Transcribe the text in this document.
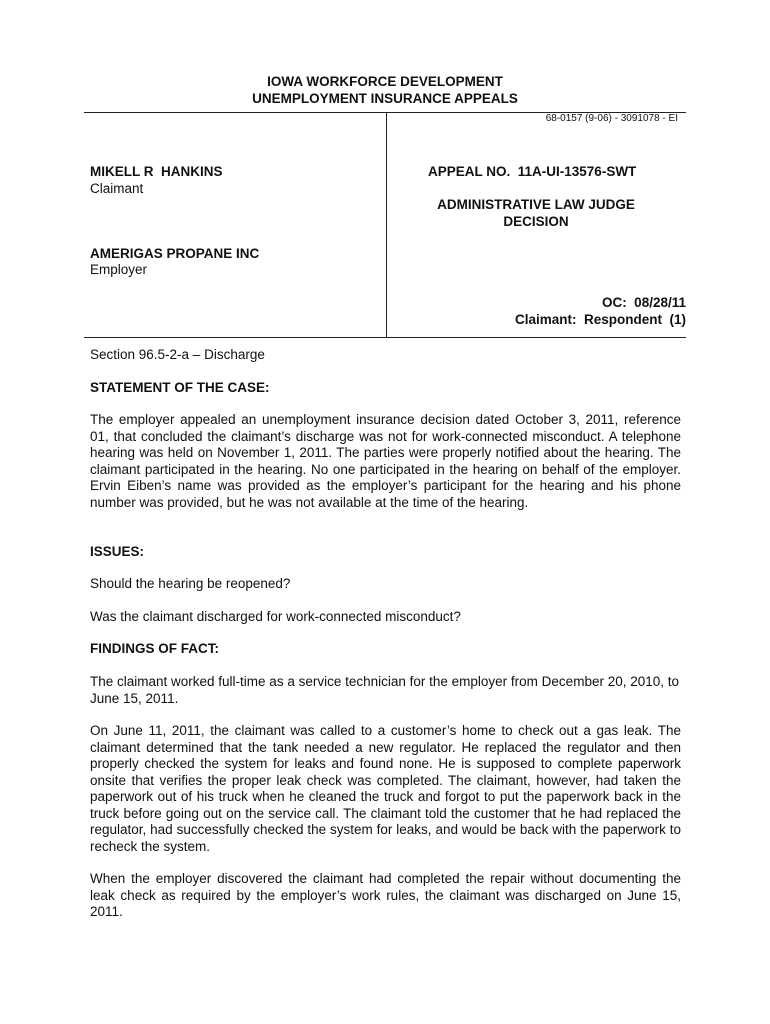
IOWA WORKFORCE DEVELOPMENT
UNEMPLOYMENT INSURANCE APPEALS
68-0157 (9-06) - 3091078 - EI
MIKELL R  HANKINS
Claimant
AMERIGAS PROPANE INC
Employer
APPEAL NO.  11A-UI-13576-SWT
ADMINISTRATIVE LAW JUDGE
DECISION
OC:  08/28/11
Claimant:  Respondent  (1)
Section 96.5-2-a – Discharge
STATEMENT OF THE CASE:
The employer appealed an unemployment insurance decision dated October 3, 2011, reference 01, that concluded the claimant’s discharge was not for work-connected misconduct. A telephone hearing was held on November 1, 2011. The parties were properly notified about the hearing. The claimant participated in the hearing. No one participated in the hearing on behalf of the employer. Ervin Eiben’s name was provided as the employer’s participant for the hearing and his phone number was provided, but he was not available at the time of the hearing.
ISSUES:
Should the hearing be reopened?
Was the claimant discharged for work-connected misconduct?
FINDINGS OF FACT:
The claimant worked full-time as a service technician for the employer from December 20, 2010, to June 15, 2011.
On June 11, 2011, the claimant was called to a customer’s home to check out a gas leak. The claimant determined that the tank needed a new regulator. He replaced the regulator and then properly checked the system for leaks and found none. He is supposed to complete paperwork onsite that verifies the proper leak check was completed. The claimant, however, had taken the paperwork out of his truck when he cleaned the truck and forgot to put the paperwork back in the truck before going out on the service call. The claimant told the customer that he had replaced the regulator, had successfully checked the system for leaks, and would be back with the paperwork to recheck the system.
When the employer discovered the claimant had completed the repair without documenting the leak check as required by the employer’s work rules, the claimant was discharged on June 15, 2011.
